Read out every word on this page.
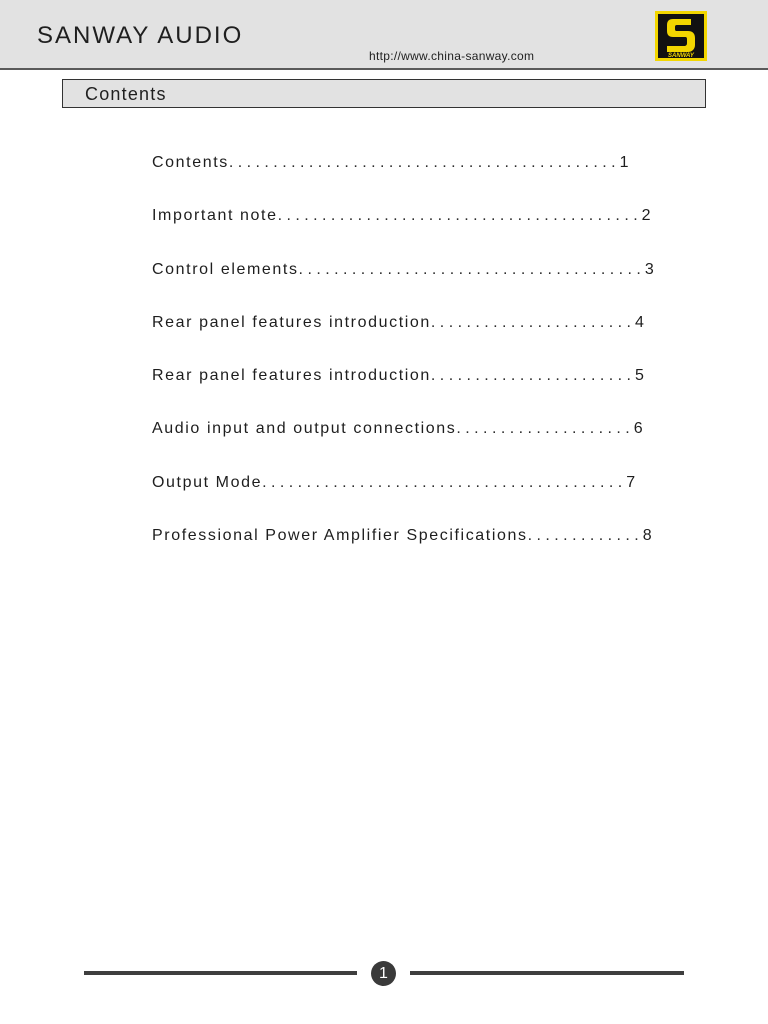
SANWAY AUDIO
http://www.china-sanway.com	SANWAY
Contents
Contents . . . . . . . . . . . . . . . . . . . . . . . . . . . . . . . . . . . . . . . . . . . . 1
Important note . . . . . . . . . . . . . . . . . . . . . . . . . . . . . . . . . . . . . . . . . 2
Control elements . . . . . . . . . . . . . . . . . . . . . . . . . . . . . . . . . . . . . . . 3
Rear panel features introduction . . . . . . . . . . . . . . . . . . . . . . . 4
Rear panel features introduction . . . . . . . . . . . . . . . . . . . . . . . 5
Audio input and output connections . . . . . . . . . . . . . . . . . . . . 6
Output Mode . . . . . . . . . . . . . . . . . . . . . . . . . . . . . . . . . . . . . . . . . 7
Professional Power Amplifier Specifications . . . . . . . . . . . . . 8
1
